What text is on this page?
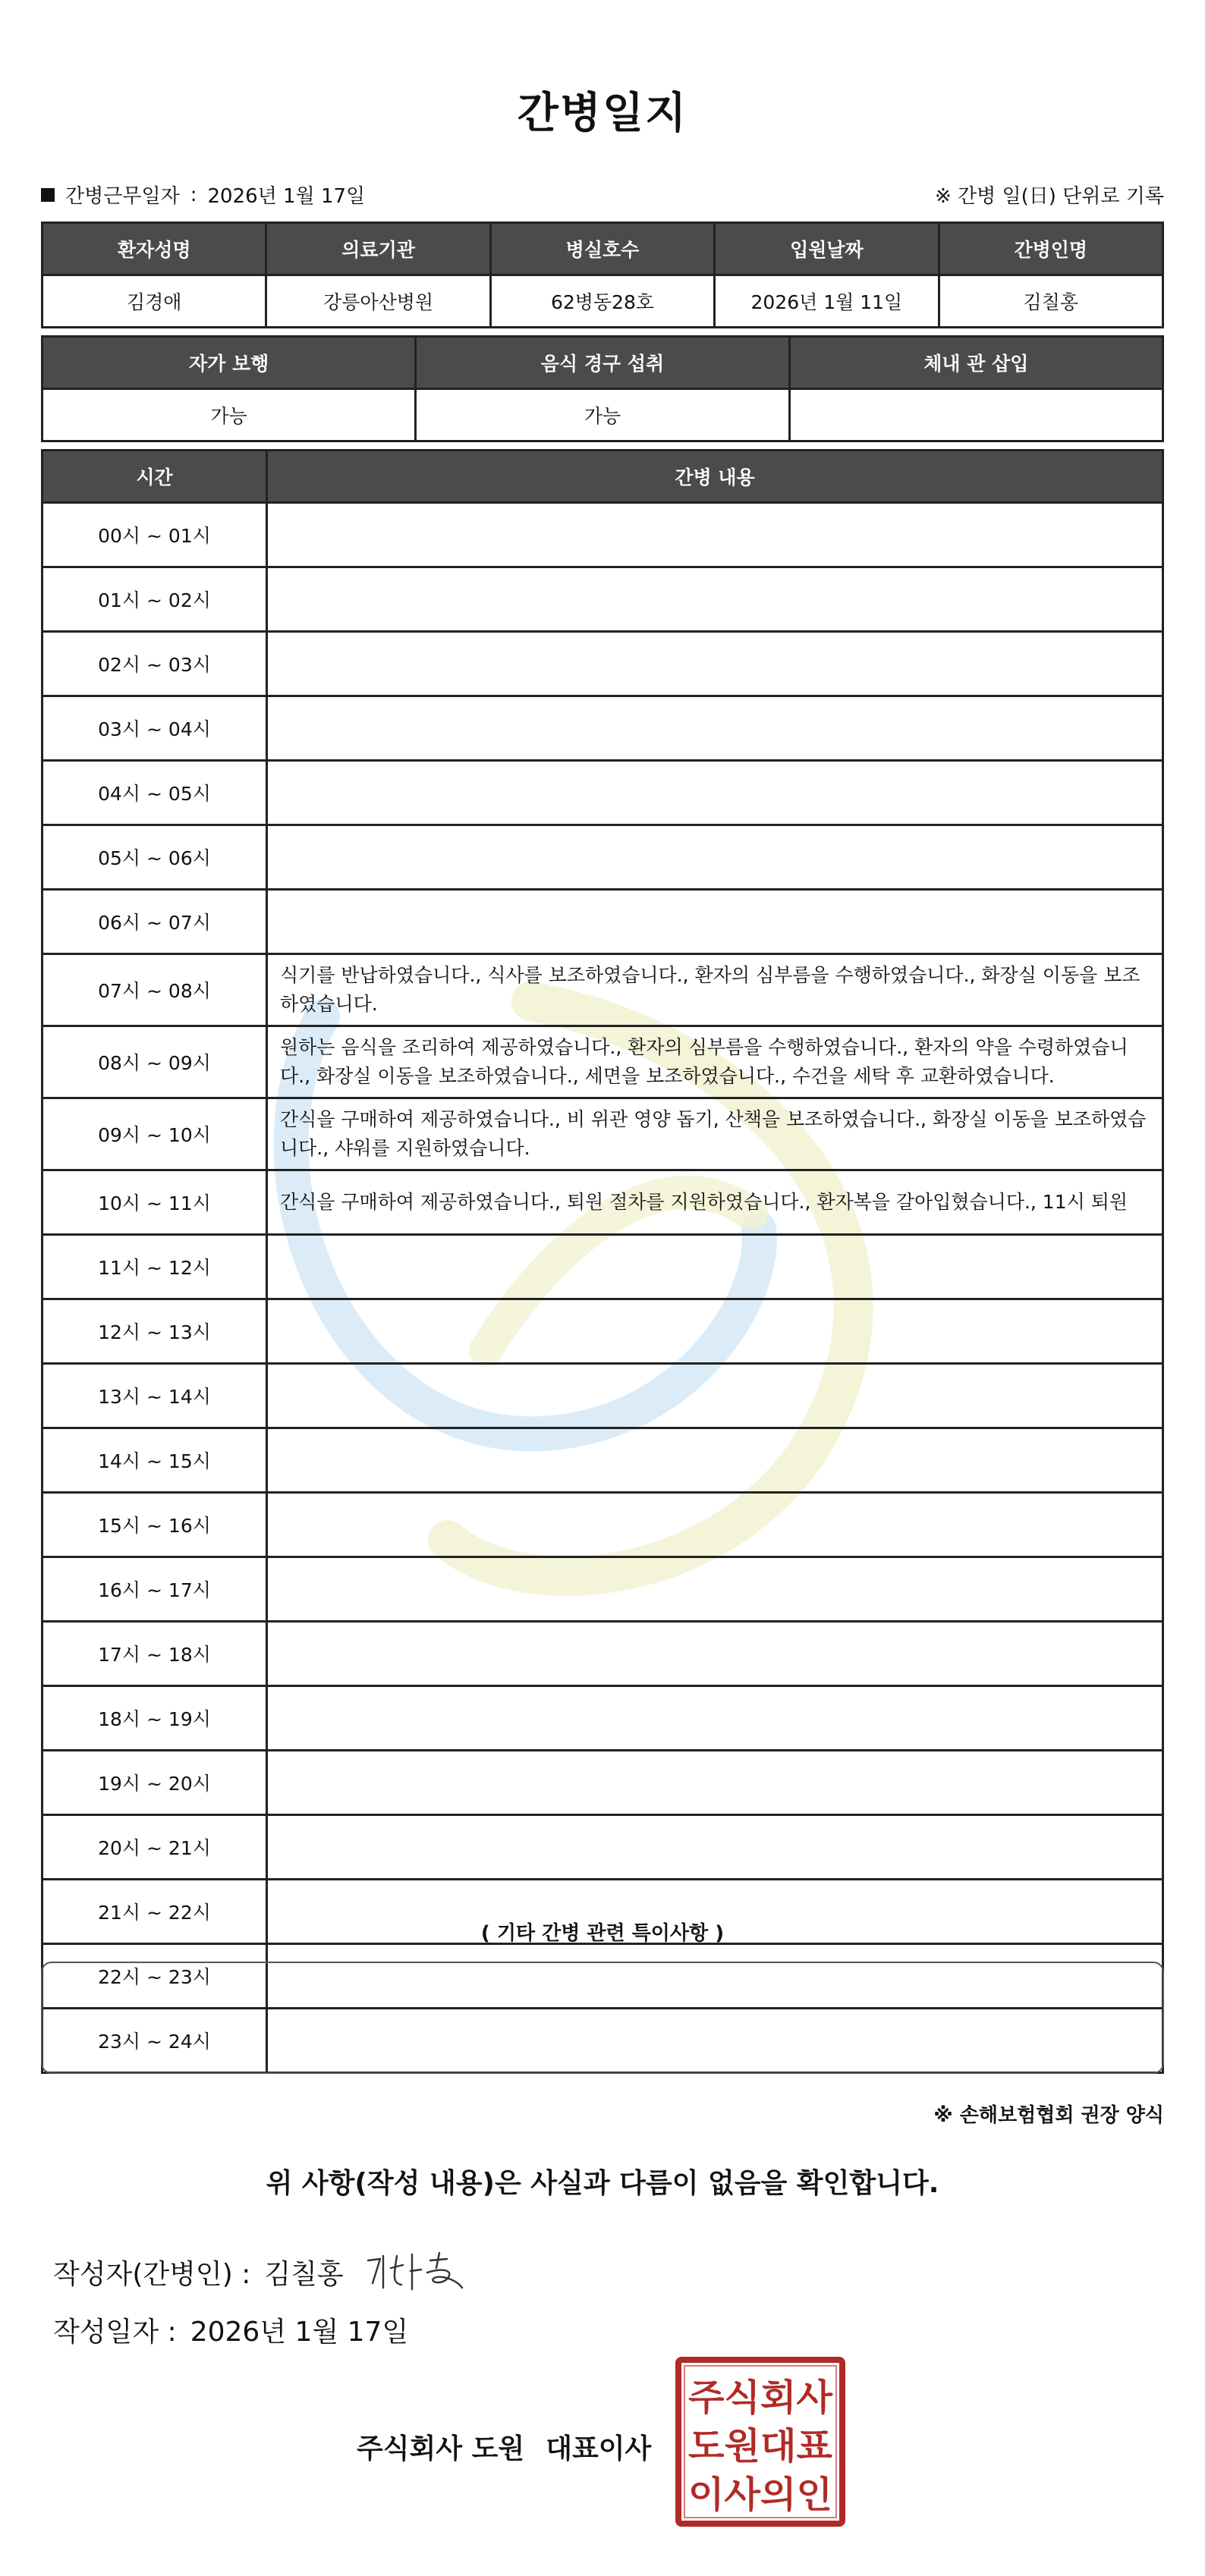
간병일지
간병근무일자 : 2026년 1월 17일	※ 간병 일(日) 단위로 기록
환자성명	의료기관	병실호수	입원날짜	간병인명
김경애	강릉아산병원	62병동28호	2026년 1월 11일	김칠홍
자가 보행	음식 경구 섭취	체내 관 삽입
가능	가능	
시간	간병 내용
00시 ~ 01시	
01시 ~ 02시	
02시 ~ 03시	
03시 ~ 04시	
04시 ~ 05시	
05시 ~ 06시	
06시 ~ 07시	
07시 ~ 08시	식기를 반납하였습니다., 식사를 보조하였습니다., 환자의 심부름을 수행하였습니다., 화장실 이동을 보조하였습니다.
08시 ~ 09시	원하는 음식을 조리하여 제공하였습니다., 환자의 심부름을 수행하였습니다., 환자의 약을 수령하였습니다., 화장실 이동을 보조하였습니다., 세면을 보조하였습니다., 수건을 세탁 후 교환하였습니다.
09시 ~ 10시	간식을 구매하여 제공하였습니다., 비 위관 영양 돕기, 산책을 보조하였습니다., 화장실 이동을 보조하였습니다., 샤워를 지원하였습니다.
10시 ~ 11시	간식을 구매하여 제공하였습니다., 퇴원 절차를 지원하였습니다., 환자복을 갈아입혔습니다., 11시 퇴원
11시 ~ 12시	
12시 ~ 13시	
13시 ~ 14시	
14시 ~ 15시	
15시 ~ 16시	
16시 ~ 17시	
17시 ~ 18시	
18시 ~ 19시	
19시 ~ 20시	
20시 ~ 21시	
21시 ~ 22시	
22시 ~ 23시	
23시 ~ 24시	
( 기타 간병 관련 특이사항 )
※ 손해보험협회 권장 양식
위 사항(작성 내용)은 사실과 다름이 없음을 확인합니다.
작성자(간병인) : 김칠홍
작성일자 : 2026년 1월 17일
주식회사 도원 대표이사
주식회사
도원대표
이사의인
